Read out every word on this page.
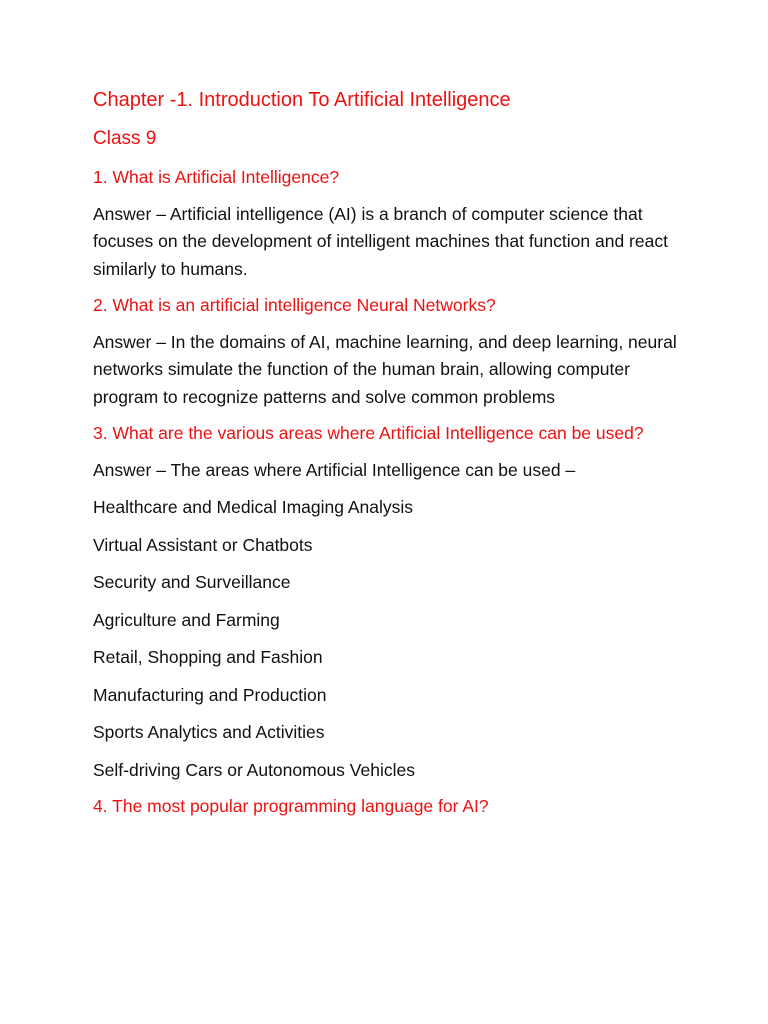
Chapter -1. Introduction To Artificial Intelligence

Class 9

1. What is Artificial Intelligence?

Answer – Artificial intelligence (AI) is a branch of computer science that focuses on the development of intelligent machines that function and react similarly to humans.

2. What is an artificial intelligence Neural Networks?

Answer – In the domains of AI, machine learning, and deep learning, neural networks simulate the function of the human brain, allowing computer program to recognize patterns and solve common problems

3. What are the various areas where Artificial Intelligence can be used?

Answer – The areas where Artificial Intelligence can be used –

Healthcare and Medical Imaging Analysis

Virtual Assistant or Chatbots

Security and Surveillance

Agriculture and Farming

Retail, Shopping and Fashion

Manufacturing and Production

Sports Analytics and Activities

Self-driving Cars or Autonomous Vehicles

4. The most popular programming language for AI?
